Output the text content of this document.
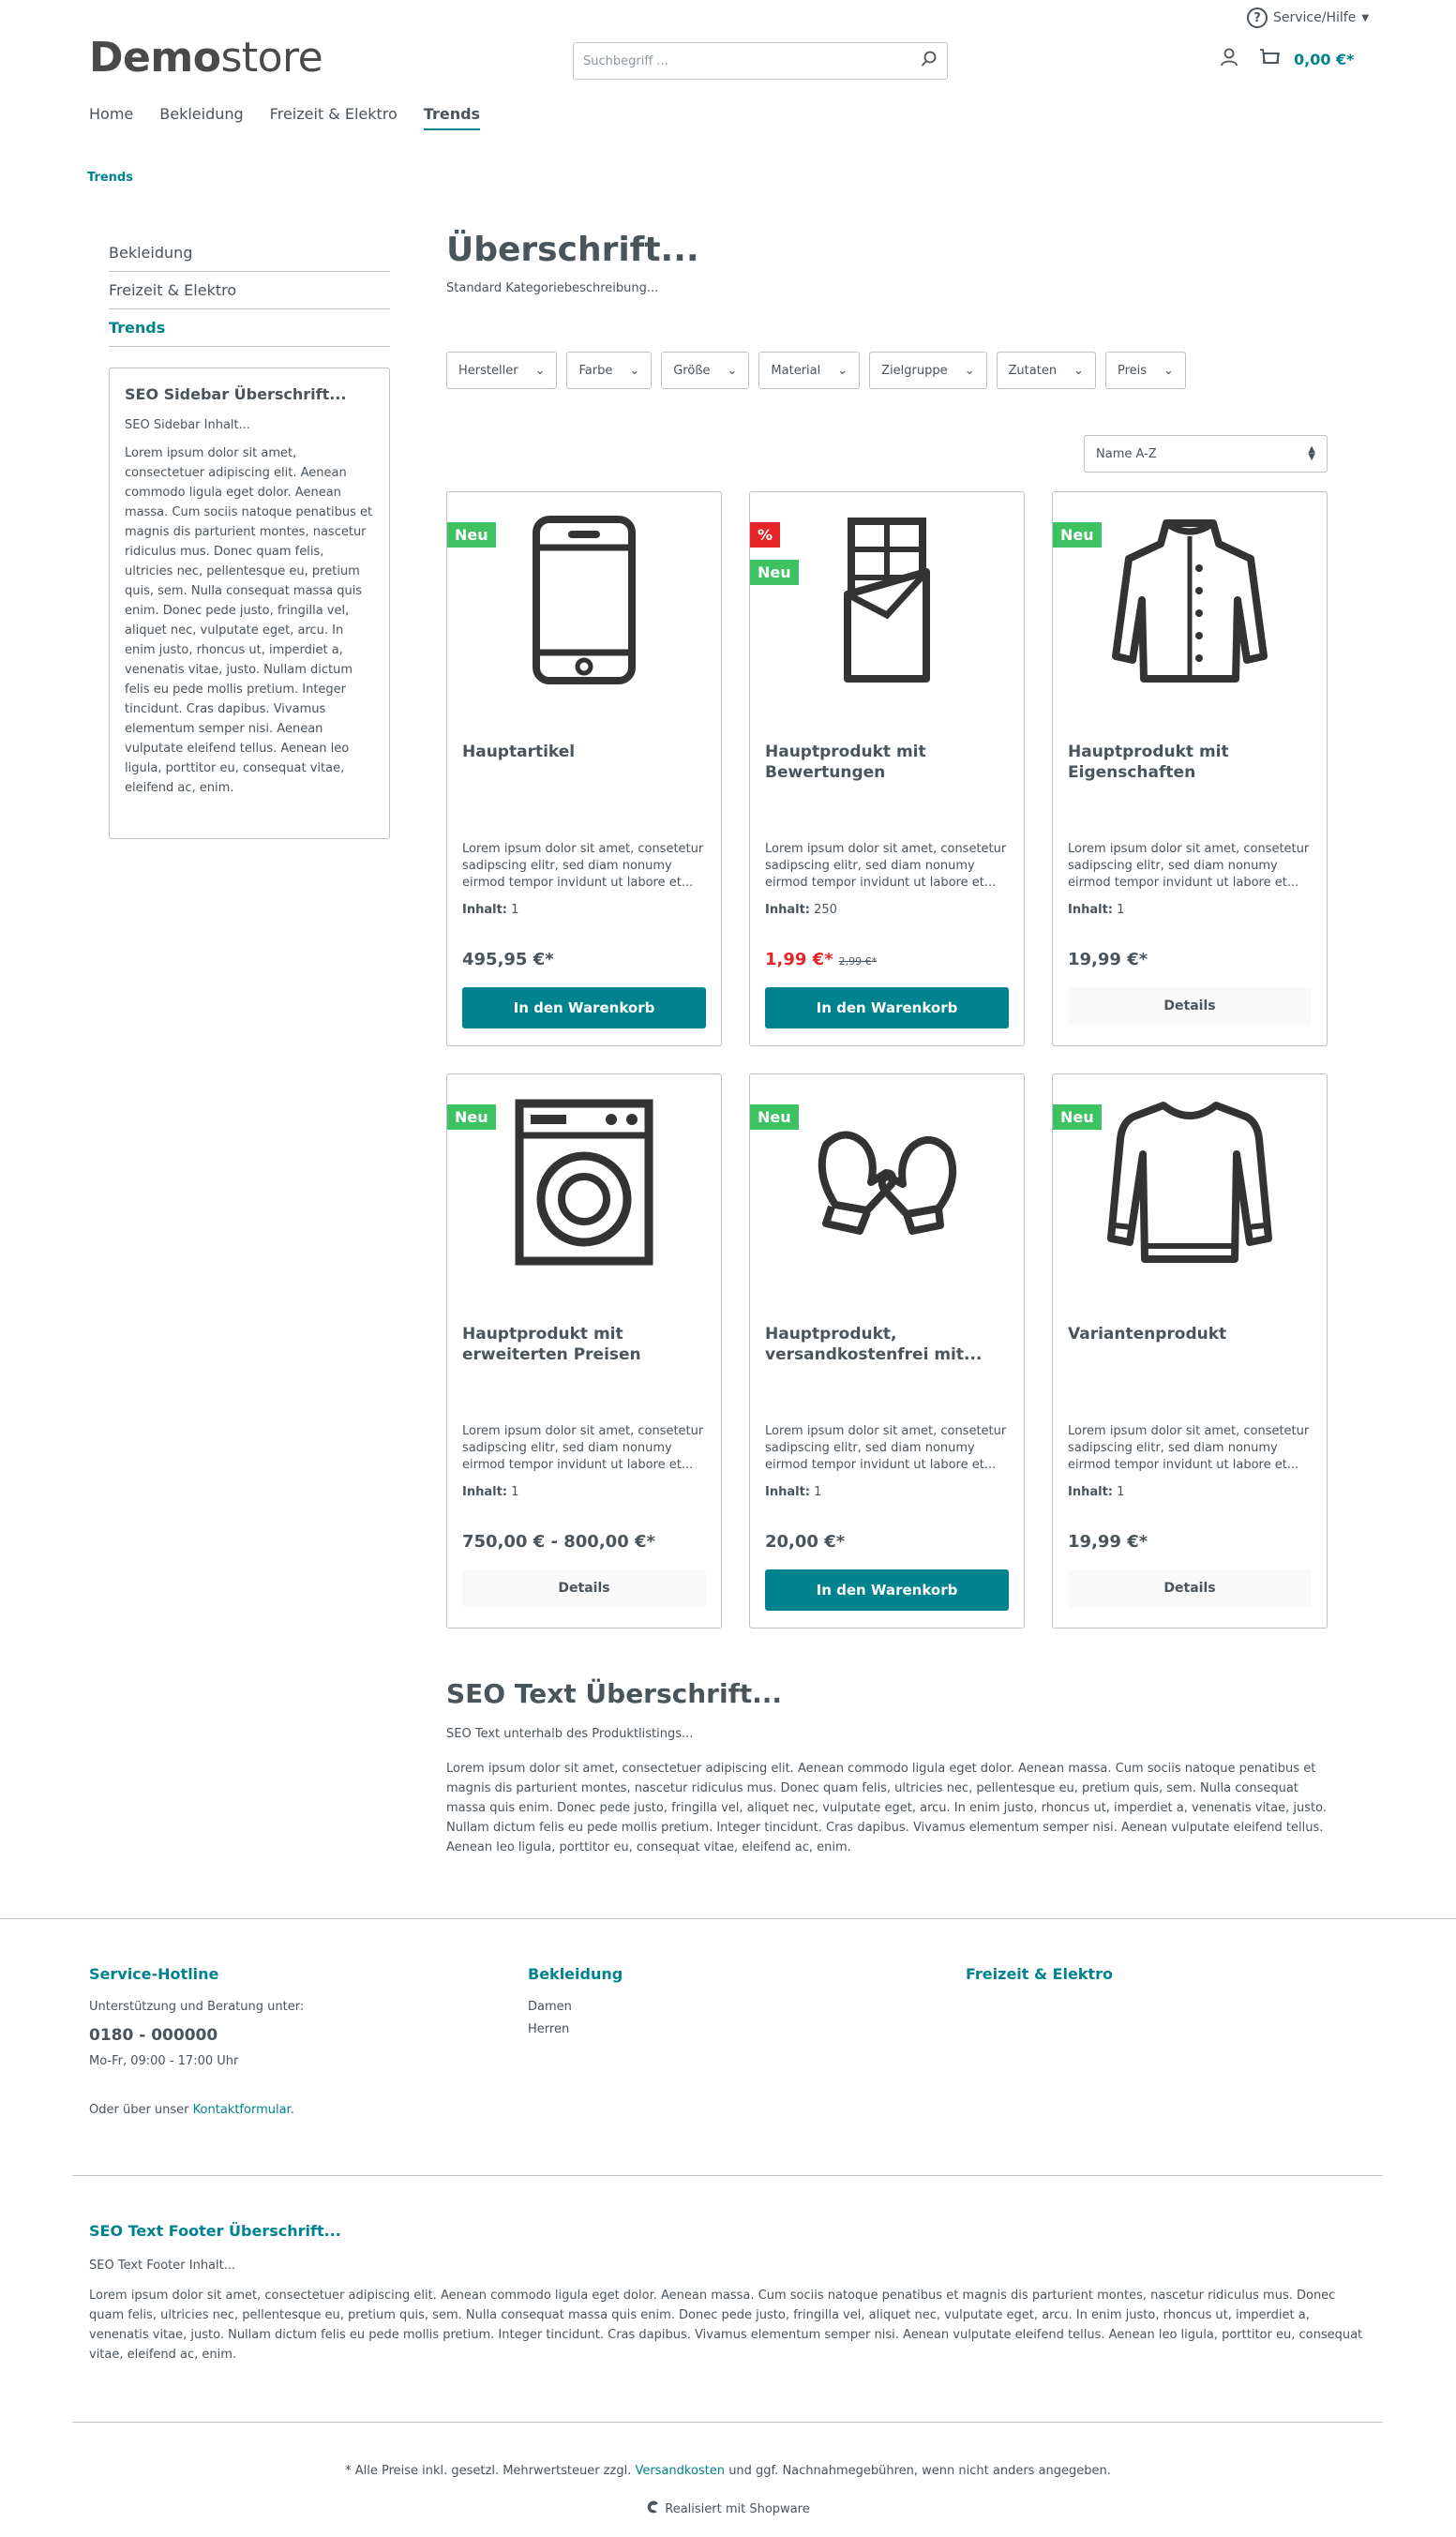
? Service/Hilfe ▼
Demostore
Suchbegriff ...	0,00 €*
Home Bekleidung Freizeit & Elektro Trends
Trends
Bekleidung
Freizeit & Elektro
Trends
SEO Sidebar Überschrift...
SEO Sidebar Inhalt...

Lorem ipsum dolor sit amet, consectetuer adipiscing elit. Aenean commodo ligula eget dolor. Aenean massa. Cum sociis natoque penatibus et magnis dis parturient montes, nascetur ridiculus mus. Donec quam felis, ultricies nec, pellentesque eu, pretium quis, sem. Nulla consequat massa quis enim. Donec pede justo, fringilla vel, aliquet nec, vulputate eget, arcu. In enim justo, rhoncus ut, imperdiet a, venenatis vitae, justo. Nullam dictum felis eu pede mollis pretium. Integer tincidunt. Cras dapibus. Vivamus elementum semper nisi. Aenean vulputate eleifend tellus. Aenean leo ligula, porttitor eu, consequat vitae, eleifend ac, enim.

Überschrift...
Standard Kategoriebeschreibung...
Hersteller ⌄	Farbe ⌄	Größe ⌄	Material ⌄	Zielgruppe ⌄	Zutaten ⌄	Preis ⌄
Name A-Z	▲
▼
Neu
Hauptartikel
Lorem ipsum dolor sit amet, consetetur sadipscing elitr, sed diam nonumy eirmod tempor invidunt ut labore et...
Inhalt: 1
495,95 €*
In den Warenkorb
%
Neu
Hauptprodukt mit Bewertungen
Lorem ipsum dolor sit amet, consetetur sadipscing elitr, sed diam nonumy eirmod tempor invidunt ut labore et...
Inhalt: 250
1,99 €* 2,99 €*
In den Warenkorb
Neu
Hauptprodukt mit Eigenschaften
Lorem ipsum dolor sit amet, consetetur sadipscing elitr, sed diam nonumy eirmod tempor invidunt ut labore et...
Inhalt: 1
19,99 €*
Details
Neu
Hauptprodukt mit erweiterten Preisen
Lorem ipsum dolor sit amet, consetetur sadipscing elitr, sed diam nonumy eirmod tempor invidunt ut labore et...
Inhalt: 1
750,00 € - 800,00 €*
Details
Neu
Hauptprodukt, versandkostenfrei mit...
Lorem ipsum dolor sit amet, consetetur sadipscing elitr, sed diam nonumy eirmod tempor invidunt ut labore et...
Inhalt: 1
20,00 €*
In den Warenkorb
Neu
Variantenprodukt
Lorem ipsum dolor sit amet, consetetur sadipscing elitr, sed diam nonumy eirmod tempor invidunt ut labore et...
Inhalt: 1
19,99 €*
Details
SEO Text Überschrift...
SEO Text unterhalb des Produktlistings...

Lorem ipsum dolor sit amet, consectetuer adipiscing elit. Aenean commodo ligula eget dolor. Aenean massa. Cum sociis natoque penatibus et magnis dis parturient montes, nascetur ridiculus mus. Donec quam felis, ultricies nec, pellentesque eu, pretium quis, sem. Nulla consequat massa quis enim. Donec pede justo, fringilla vel, aliquet nec, vulputate eget, arcu. In enim justo, rhoncus ut, imperdiet a, venenatis vitae, justo. Nullam dictum felis eu pede mollis pretium. Integer tincidunt. Cras dapibus. Vivamus elementum semper nisi. Aenean vulputate eleifend tellus. Aenean leo ligula, porttitor eu, consequat vitae, eleifend ac, enim.

Service-Hotline
Unterstützung und Beratung unter:
0180 - 000000
Mo-Fr, 09:00 - 17:00 Uhr
Oder über unser Kontaktformular.
Bekleidung
Damen
Herren
Freizeit & Elektro
SEO Text Footer Überschrift...
SEO Text Footer Inhalt...

Lorem ipsum dolor sit amet, consectetuer adipiscing elit. Aenean commodo ligula eget dolor. Aenean massa. Cum sociis natoque penatibus et magnis dis parturient montes, nascetur ridiculus mus. Donec quam felis, ultricies nec, pellentesque eu, pretium quis, sem. Nulla consequat massa quis enim. Donec pede justo, fringilla vel, aliquet nec, vulputate eget, arcu. In enim justo, rhoncus ut, imperdiet a, venenatis vitae, justo. Nullam dictum felis eu pede mollis pretium. Integer tincidunt. Cras dapibus. Vivamus elementum semper nisi. Aenean vulputate eleifend tellus. Aenean leo ligula, porttitor eu, consequat vitae, eleifend ac, enim.

* Alle Preise inkl. gesetzl. Mehrwertsteuer zzgl. Versandkosten und ggf. Nachnahmegebühren, wenn nicht anders angegeben.
Realisiert mit Shopware
